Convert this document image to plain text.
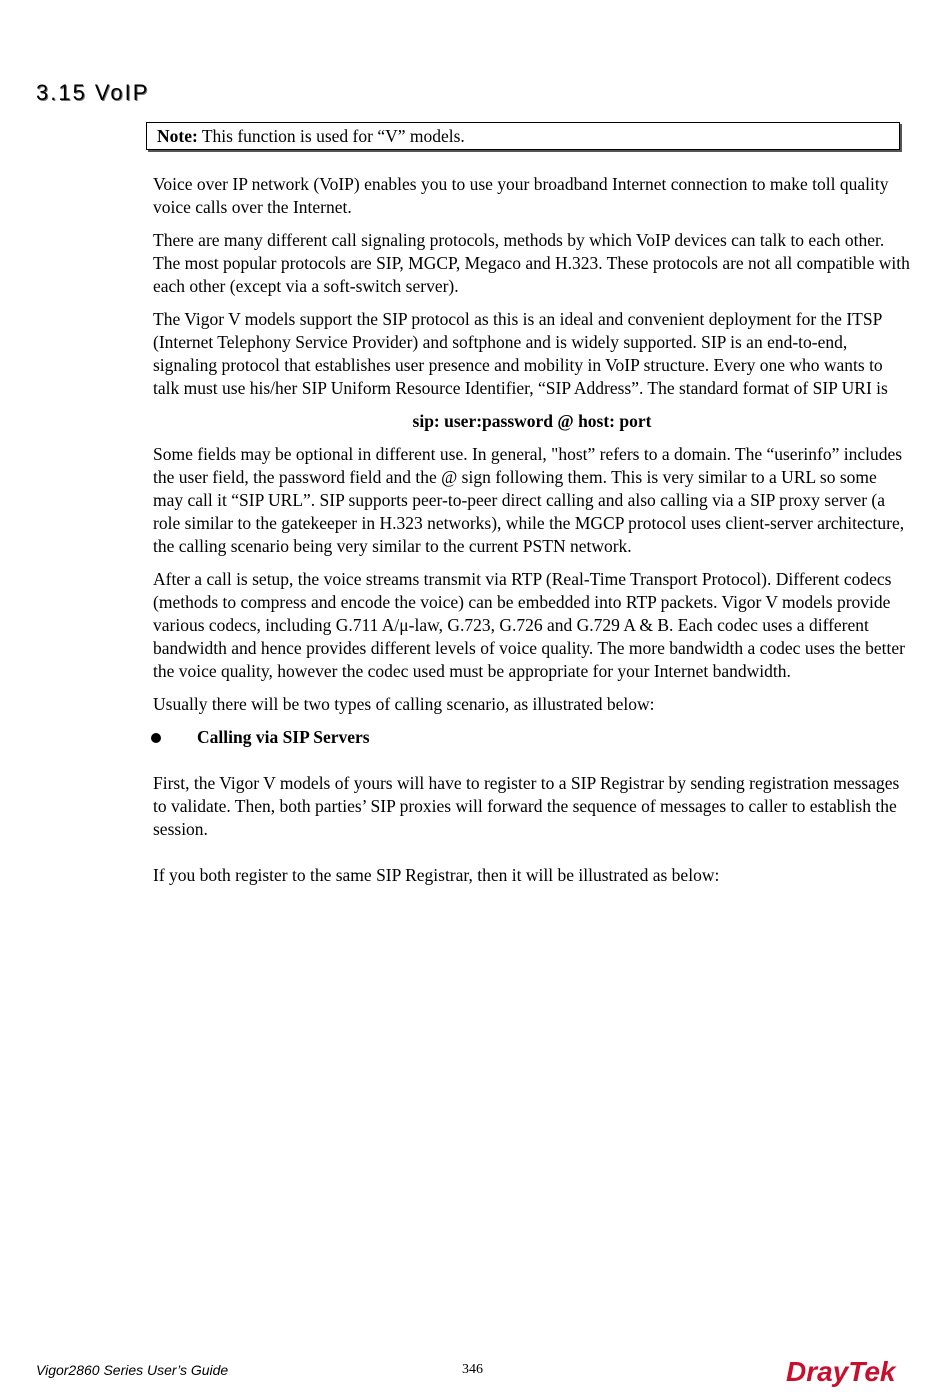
3.15 VoIP
Note: This function is used for “V” models.

Voice over IP network (VoIP) enables you to use your broadband Internet connection to make toll quality voice calls over the Internet.

There are many different call signaling protocols, methods by which VoIP devices can talk to each other. The most popular protocols are SIP, MGCP, Megaco and H.323. These protocols are not all compatible with each other (except via a soft-switch server).

The Vigor V models support the SIP protocol as this is an ideal and convenient deployment for the ITSP (Internet Telephony Service Provider) and softphone and is widely supported. SIP is an end-to-end, signaling protocol that establishes user presence and mobility in VoIP structure. Every one who wants to talk must use his/her SIP Uniform Resource Identifier, “SIP Address”. The standard format of SIP URI is

sip: user:password @ host: port

Some fields may be optional in different use. In general, "host” refers to a domain. The “userinfo” includes the user field, the password field and the @ sign following them. This is very similar to a URL so some may call it “SIP URL”. SIP supports peer-to-peer direct calling and also calling via a SIP proxy server (a role similar to the gatekeeper in H.323 networks), while the MGCP protocol uses client-server architecture, the calling scenario being very similar to the current PSTN network.

After a call is setup, the voice streams transmit via RTP (Real-Time Transport Protocol). Different codecs (methods to compress and encode the voice) can be embedded into RTP packets. Vigor V models provide various codecs, including G.711 A/μ-law, G.723, G.726 and G.729 A & B. Each codec uses a different bandwidth and hence provides different levels of voice quality. The more bandwidth a codec uses the better the voice quality, however the codec used must be appropriate for your Internet bandwidth.

Usually there will be two types of calling scenario, as illustrated below:

Calling via SIP Servers

First, the Vigor V models of yours will have to register to a SIP Registrar by sending registration messages to validate. Then, both parties’ SIP proxies will forward the sequence of messages to caller to establish the session.

If you both register to the same SIP Registrar, then it will be illustrated as below:

Vigor2860 Series User’s Guide	346	DrayTek
